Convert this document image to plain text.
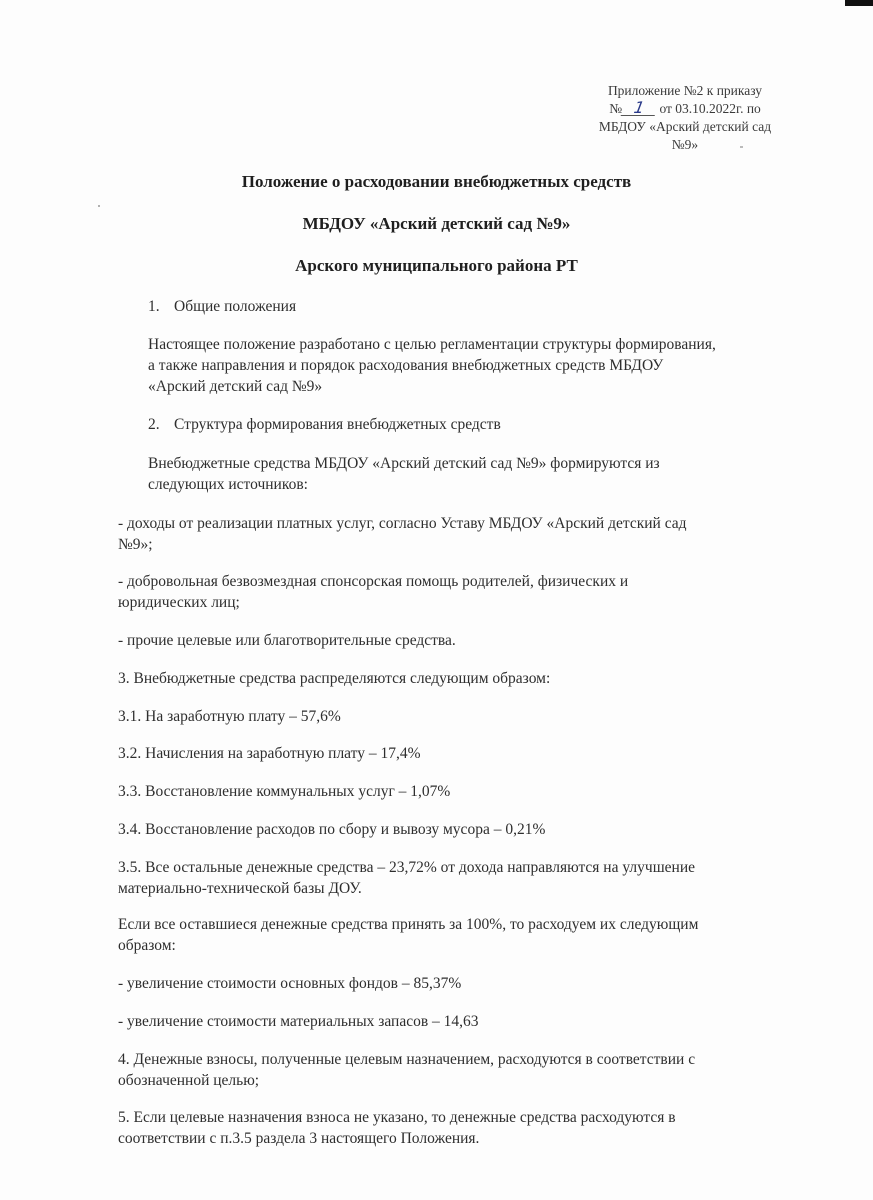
Приложение №2 к приказу
№ 1 от 03.10.2022г. по
МБДОУ «Арский детский сад
№9»
Положение о расходовании внебюджетных средств
МБДОУ «Арский детский сад №9»
Арского муниципального района РТ
1. Общие положения
Настоящее положение разработано с целью регламентации структуры формирования,
а также направления и порядок расходования внебюджетных средств МБДОУ
«Арский детский сад №9»
2. Структура формирования внебюджетных средств
Внебюджетные средства МБДОУ «Арский детский сад №9» формируются из
следующих источников:
- доходы от реализации платных услуг, согласно Уставу МБДОУ «Арский детский сад
№9»;
- добровольная безвозмездная спонсорская помощь родителей, физических и
юридических лиц;
- прочие целевые или благотворительные средства.
3. Внебюджетные средства распределяются следующим образом:
3.1. На заработную плату – 57,6%
3.2. Начисления на заработную плату – 17,4%
3.3. Восстановление коммунальных услуг – 1,07%
3.4. Восстановление расходов по сбору и вывозу мусора – 0,21%
3.5. Все остальные денежные средства – 23,72% от дохода направляются на улучшение
материально-технической базы ДОУ.
Если все оставшиеся денежные средства принять за 100%, то расходуем их следующим
образом:
- увеличение стоимости основных фондов – 85,37%
- увеличение стоимости материальных запасов – 14,63
4. Денежные взносы, полученные целевым назначением, расходуются в соответствии с
обозначенной целью;
5. Если целевые назначения взноса не указано, то денежные средства расходуются в
соответствии с п.3.5 раздела 3 настоящего Положения.
